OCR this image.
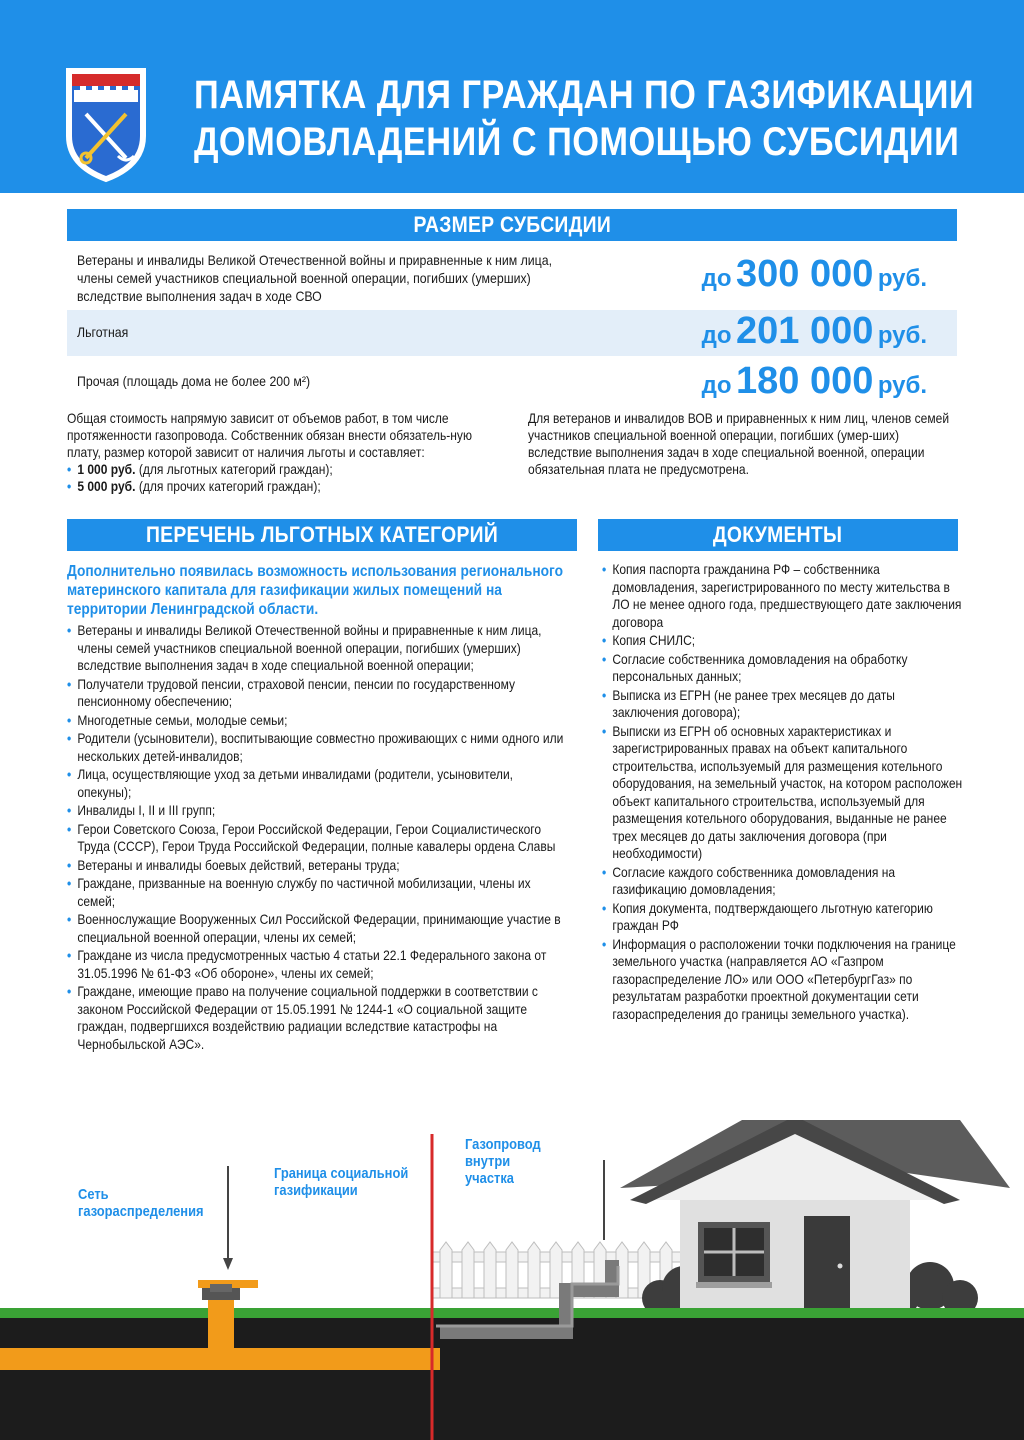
ПАМЯТКА ДЛЯ ГРАЖДАН ПО ГАЗИФИКАЦИИ
ДОМОВЛАДЕНИЙ С ПОМОЩЬЮ СУБСИДИИ
РАЗМЕР СУБСИДИИ
Ветераны и инвалиды Великой Отечественной войны и приравненные к ним лица, члены семей участников специальной военной операции, погибших (умерших) вследствие выполнения задач в ходе СВО
до 300 000 руб.
Льготная	до 201 000 руб.
Прочая (площадь дома не более 200 м²)	до 180 000 руб.

Общая стоимость напрямую зависит от объемов работ, в том числе протяженности газопровода. Собственник обязан внести обязатель-ную плату, размер которой зависит от наличия льготы и составляет:

• 1 000 руб. (для льготных категорий граждан);

• 5 000 руб. (для прочих категорий граждан);

Для ветеранов и инвалидов ВОВ и приравненных к ним лиц, членов семей участников специальной военной операции, погибших (умер-ших) вследствие выполнения задач в ходе специальной военной, операции обязательная плата не предусмотрена.

ПЕРЕЧЕНЬ ЛЬГОТНЫХ КАТЕГОРИЙ

Дополнительно появилась возможность использования регионального материнского капитала для газификации жилых помещений на территории Ленинградской области.

• Ветераны и инвалиды Великой Отечественной войны и приравненные к ним лица, члены семей участников специальной военной операции, погибших (умерших) вследствие выполнения задач в ходе специальной военной операции;
• Получатели трудовой пенсии, страховой пенсии, пенсии по государственному пенсионному обеспечению;
• Многодетные семьи, молодые семьи;
• Родители (усыновители), воспитывающие совместно проживающих с ними одного или нескольких детей-инвалидов;
• Лица, осуществляющие уход за детьми инвалидами (родители, усыновители, опекуны);
• Инвалиды I, II и III групп;
• Герои Советского Союза, Герои Российской Федерации, Герои Социалистического Труда (СССР), Герои Труда Российской Федерации, полные кавалеры ордена Славы
• Ветераны и инвалиды боевых действий, ветераны труда;
• Граждане, призванные на военную службу по частичной мобилизации, члены их семей;
• Военнослужащие Вооруженных Сил Российской Федерации, принимающие участие в специальной военной операции, члены их семей;
• Граждане из числа предусмотренных частью 4 статьи 22.1 Федерального закона от 31.05.1996 № 61-ФЗ «Об обороне», члены их семей;
• Граждане, имеющие право на получение социальной поддержки в соответствии с законом Российской Федерации от 15.05.1991 № 1244-1 «О социальной защите граждан, подвергшихся воздействию радиации вследствие катастрофы на Чернобыльской АЭС».
ДОКУМЕНТЫ
• Копия паспорта гражданина РФ – собственника домовладения, зарегистрированного по месту жительства в ЛО не менее одного года, предшествующего дате заключения договора
• Копия СНИЛС;
• Согласие собственника домовладения на обработку персональных данных;
• Выписка из ЕГРН (не ранее трех месяцев до даты заключения договора);
• Выписки из ЕГРН об основных характеристиках и зарегистрированных правах на объект капитального строительства, используемый для размещения котельного оборудования, на земельный участок, на котором расположен объект капитального строительства, используемый для размещения котельного оборудования, выданные не ранее трех месяцев до даты заключения договора (при необходимости)
• Согласие каждого собственника домовладения на газификацию домовладения;
• Копия документа, подтверждающего льготную категорию граждан РФ
• Информация о расположении точки подключения на границе земельного участка (направляется АО «Газпром газораспределение ЛО» или ООО «ПетербургГаз» по результатам разработки проектной документации сети газораспределения до границы земельного участка).
Сеть газораспределения
Граница социальной газификации
Газопровод внутри участка
